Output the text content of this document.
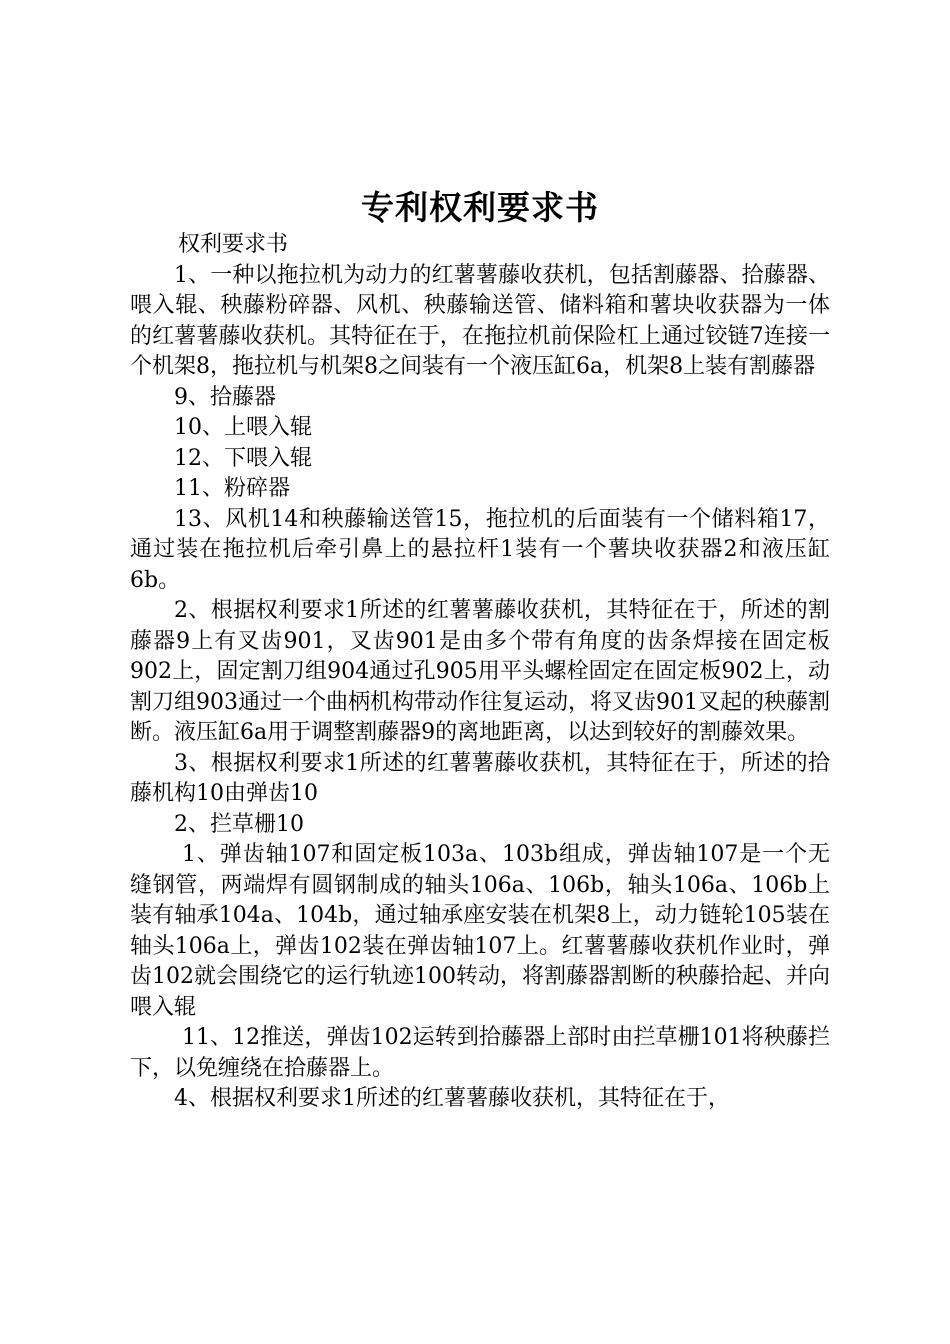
专利权利要求书

权利要求书

1、一种以拖拉机为动力的红薯薯藤收获机，包括割藤器、拾藤器、喂入辊、秧藤粉碎器、风机、秧藤输送管、储料箱和薯块收获器为一体的红薯薯藤收获机。其特征在于，在拖拉机前保险杠上通过铰链7连接一个机架8，拖拉机与机架8之间装有一个液压缸6a，机架8上装有割藤器

9、拾藤器

10、上喂入辊

12、下喂入辊

11、粉碎器

13、风机14和秧藤输送管15，拖拉机的后面装有一个储料箱17，通过装在拖拉机后牵引鼻上的悬拉杆1装有一个薯块收获器2和液压缸6b。

2、根据权利要求1所述的红薯薯藤收获机，其特征在于，所述的割藤器9上有叉齿901，叉齿901是由多个带有角度的齿条焊接在固定板902上，固定割刀组904通过孔905用平头螺栓固定在固定板902上，动割刀组903通过一个曲柄机构带动作往复运动，将叉齿901叉起的秧藤割断。液压缸6a用于调整割藤器9的离地距离，以达到较好的割藤效果。

3、根据权利要求1所述的红薯薯藤收获机，其特征在于，所述的拾藤机构10由弹齿10

2、拦草栅10

1、弹齿轴107和固定板103a、103b组成，弹齿轴107是一个无缝钢管，两端焊有圆钢制成的轴头106a、106b，轴头106a、106b上装有轴承104a、104b，通过轴承座安装在机架8上，动力链轮105装在轴头106a上，弹齿102装在弹齿轴107上。红薯薯藤收获机作业时，弹齿102就会围绕它的运行轨迹100转动，将割藤器割断的秧藤拾起、并向喂入辊

11、12推送，弹齿102运转到拾藤器上部时由拦草栅101将秧藤拦下，以免缠绕在拾藤器上。

4、根据权利要求1所述的红薯薯藤收获机，其特征在于，
